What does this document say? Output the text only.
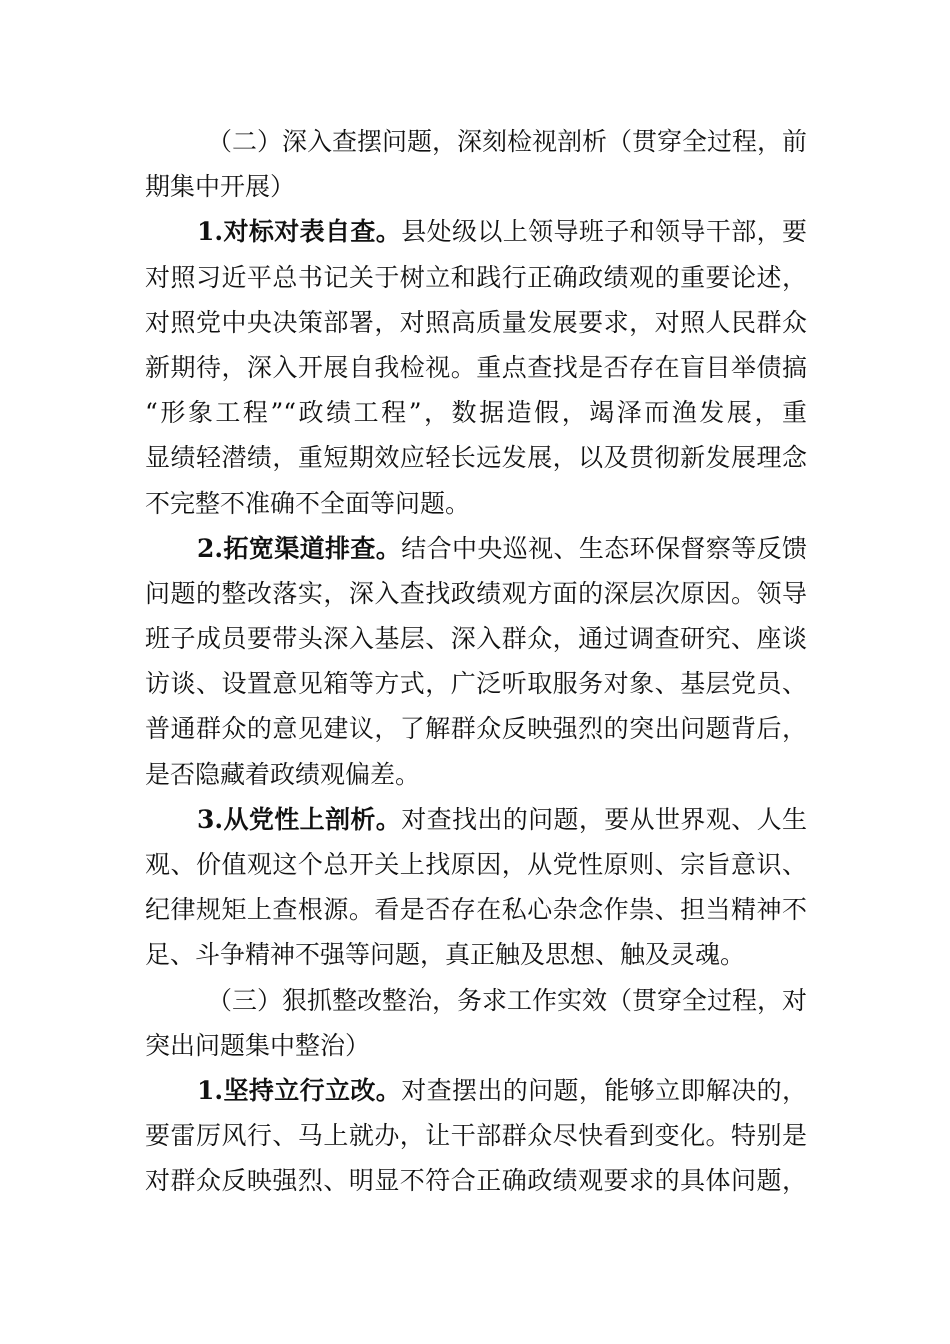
（二）深入查摆问题，深刻检视剖析（贯穿全过程，前
期集中开展）
1.对标对表自查。县处级以上领导班子和领导干部，要
对照习近平总书记关于树立和践行正确政绩观的重要论述，
对照党中央决策部署，对照高质量发展要求，对照人民群众
新期待，深入开展自我检视。重点查找是否存在盲目举债搞
“形象工程”“政绩工程”，数据造假，竭泽而渔发展，重
显绩轻潜绩，重短期效应轻长远发展，以及贯彻新发展理念
不完整不准确不全面等问题。
2.拓宽渠道排查。结合中央巡视、生态环保督察等反馈
问题的整改落实，深入查找政绩观方面的深层次原因。领导
班子成员要带头深入基层、深入群众，通过调查研究、座谈
访谈、设置意见箱等方式，广泛听取服务对象、基层党员、
普通群众的意见建议，了解群众反映强烈的突出问题背后，
是否隐藏着政绩观偏差。
3.从党性上剖析。对查找出的问题，要从世界观、人生
观、价值观这个总开关上找原因，从党性原则、宗旨意识、
纪律规矩上查根源。看是否存在私心杂念作祟、担当精神不
足、斗争精神不强等问题，真正触及思想、触及灵魂。
（三）狠抓整改整治，务求工作实效（贯穿全过程，对
突出问题集中整治）
1.坚持立行立改。对查摆出的问题，能够立即解决的，
要雷厉风行、马上就办，让干部群众尽快看到变化。特别是
对群众反映强烈、明显不符合正确政绩观要求的具体问题，
